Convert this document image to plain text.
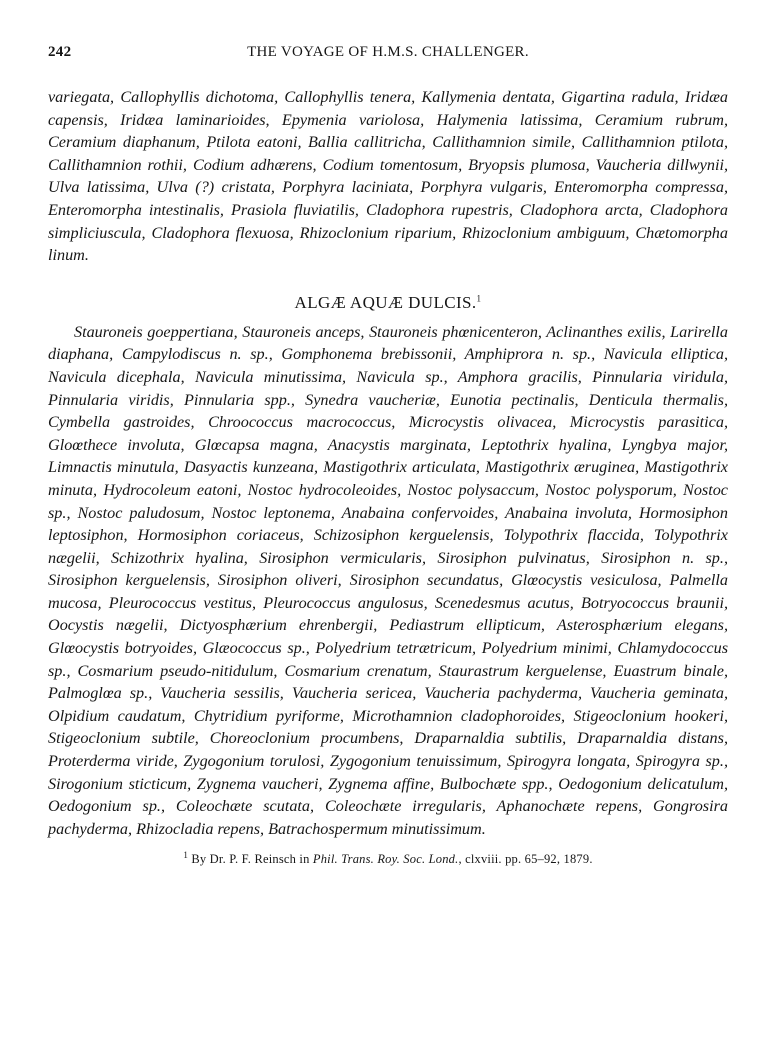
242	THE VOYAGE OF H.M.S. CHALLENGER.

variegata, Callophyllis dichotoma, Callophyllis tenera, Kallymenia dentata, Gigartina radula, Iridæa capensis, Iridæa laminarioides, Epymenia variolosa, Halymenia latissima, Ceramium rubrum, Ceramium diaphanum, Ptilota eatoni, Ballia callitricha, Callithamnion simile, Callithamnion ptilota, Callithamnion rothii, Codium adhærens, Codium tomentosum, Bryopsis plumosa, Vaucheria dillwynii, Ulva latissima, Ulva (?) cristata, Porphyra laciniata, Porphyra vulgaris, Enteromorpha compressa, Enteromorpha intestinalis, Prasiola fluviatilis, Cladophora rupestris, Cladophora arcta, Cladophora simpliciuscula, Cladophora flexuosa, Rhizoclonium riparium, Rhizoclonium ambiguum, Chætomorpha linum.

ALGÆ AQUÆ DULCIS.$^1$

Stauroneis goeppertiana, Stauroneis anceps, Stauroneis phœnicenteron, Aclinanthes exilis, Larirella diaphana, Campylodiscus n. sp., Gomphonema brebissonii, Amphiprora n. sp., Navicula elliptica, Navicula dicephala, Navicula minutissima, Navicula sp., Amphora gracilis, Pinnularia viridula, Pinnularia viridis, Pinnularia spp., Synedra vaucheriæ, Eunotia pectinalis, Denticula thermalis, Cymbella gastroides, Chroococcus macrococcus, Microcystis olivacea, Microcystis parasitica, Gloœthece involuta, Glœcapsa magna, Anacystis marginata, Leptothrix hyalina, Lyngbya major, Limnactis minutula, Dasyactis kunzeana, Mastigothrix articulata, Mastigothrix æruginea, Mastigothrix minuta, Hydrocoleum eatoni, Nostoc hydrocoleoides, Nostoc polysaccum, Nostoc polysporum, Nostoc sp., Nostoc paludosum, Nostoc leptonema, Anabaina confervoides, Anabaina involuta, Hormosiphon leptosiphon, Hormosiphon coriaceus, Schizosiphon kerguelensis, Tolypothrix flaccida, Tolypothrix nægelii, Schizothrix hyalina, Sirosiphon vermicularis, Sirosiphon pulvinatus, Sirosiphon n. sp., Sirosiphon kerguelensis, Sirosiphon oliveri, Sirosiphon secundatus, Glœocystis vesiculosa, Palmella mucosa, Pleurococcus vestitus, Pleurococcus angulosus, Scenedesmus acutus, Botryococcus braunii, Oocystis nægelii, Dictyosphærium ehrenbergii, Pediastrum ellipticum, Asterosphærium elegans, Glœocystis botryoides, Glæococcus sp., Polyedrium tetrætricum, Polyedrium minimi, Chlamydococcus sp., Cosmarium pseudo-nitidulum, Cosmarium crenatum, Staurastrum kerguelense, Euastrum binale, Palmoglœa sp., Vaucheria sessilis, Vaucheria sericea, Vaucheria pachyderma, Vaucheria geminata, Olpidium caudatum, Chytridium pyriforme, Microthamnion cladophoroides, Stigeoclonium hookeri, Stigeoclonium subtile, Choreoclonium procumbens, Draparnaldia subtilis, Draparnaldia distans, Proterderma viride, Zygogonium torulosi, Zygogonium tenuissimum, Spirogyra longata, Spirogyra sp., Sirogonium sticticum, Zygnema vaucheri, Zygnema affine, Bulbochæte spp., Oedogonium delicatulum, Oedogonium sp., Coleochæte scutata, Coleochæte irregularis, Aphanochæte repens, Gongrosira pachyderma, Rhizocladia repens, Batrachospermum minutissimum.

$^1$ By Dr. P. F. Reinsch in Phil. Trans. Roy. Soc. Lond., clxviii. pp. 65–92, 1879.
